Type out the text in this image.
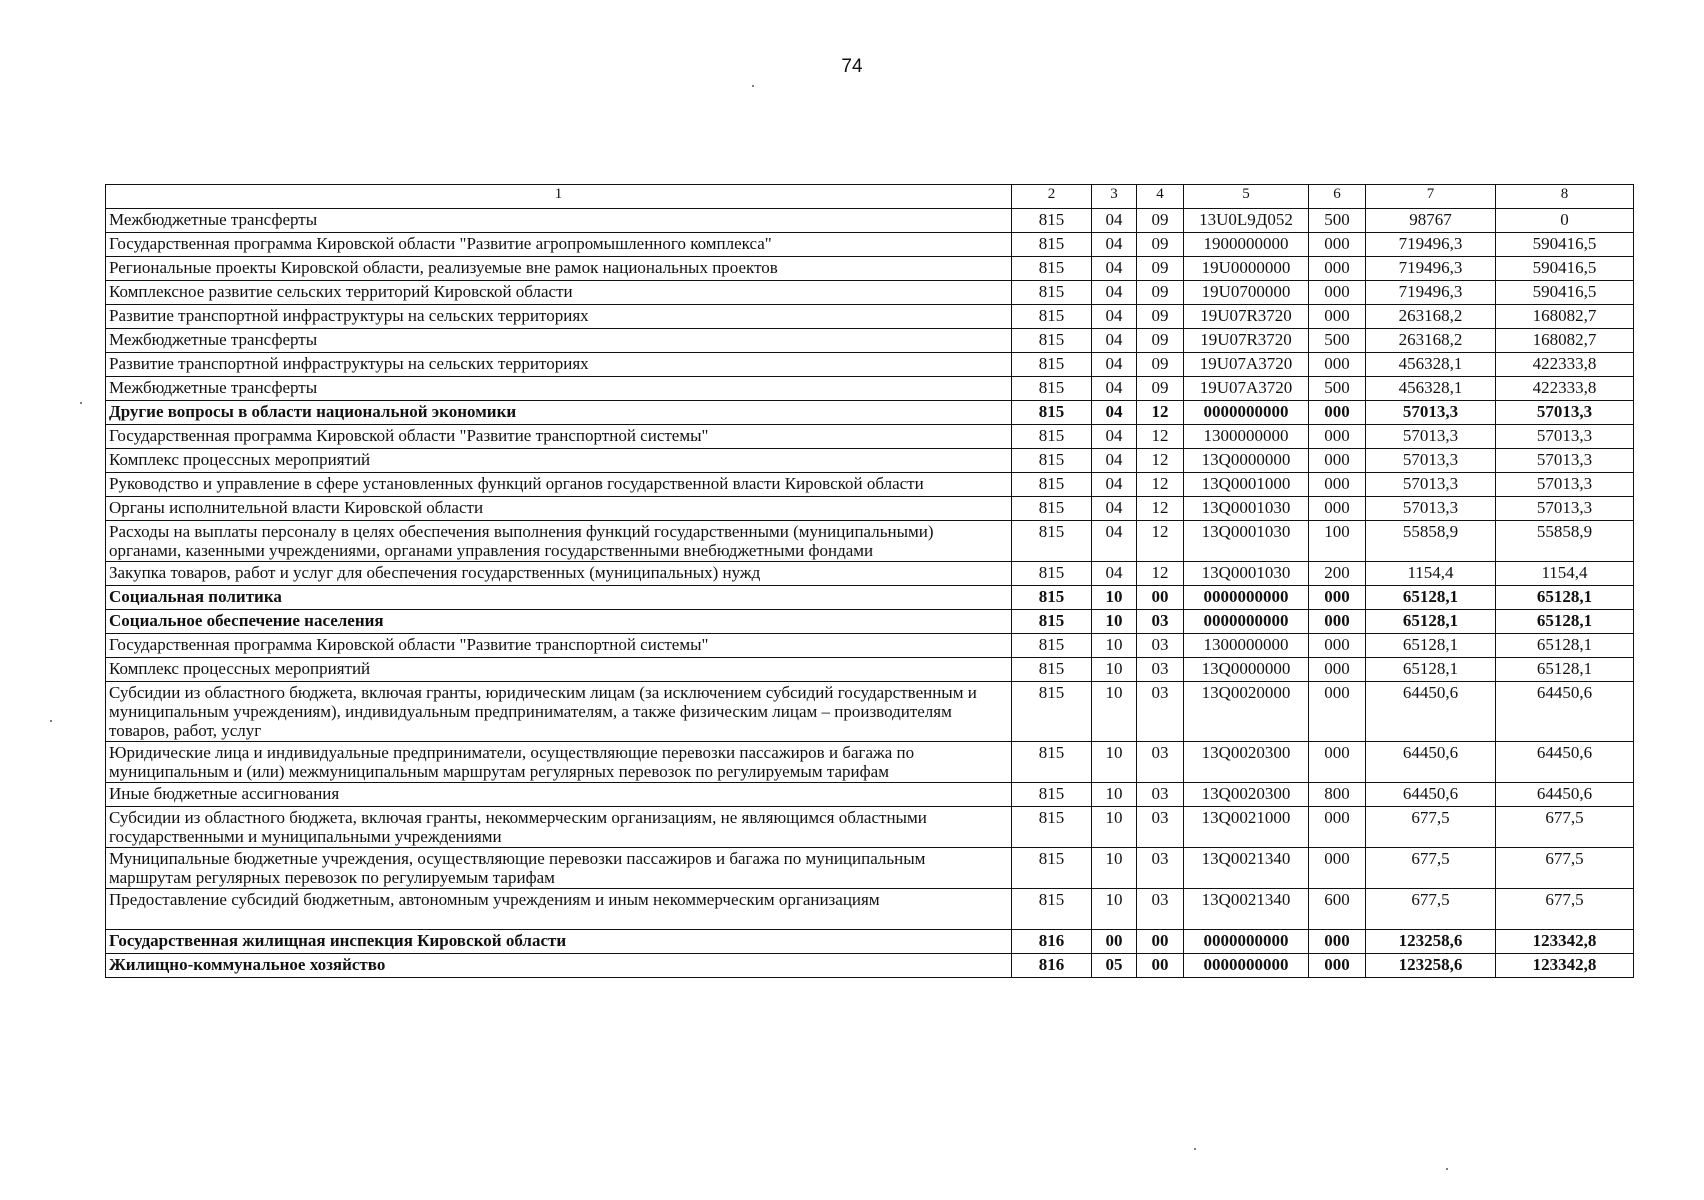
74
1	2	3	4	5	6	7	8
Межбюджетные трансферты	815	04	09	13U0L9Д052	500	98767	0
Государственная программа Кировской области "Развитие агропромышленного комплекса"	815	04	09	1900000000	000	719496,3	590416,5
Региональные проекты Кировской области, реализуемые вне рамок национальных проектов	815	04	09	19U0000000	000	719496,3	590416,5
Комплексное развитие сельских территорий Кировской области	815	04	09	19U0700000	000	719496,3	590416,5
Развитие транспортной инфраструктуры на сельских территориях	815	04	09	19U07R3720	000	263168,2	168082,7
Межбюджетные трансферты	815	04	09	19U07R3720	500	263168,2	168082,7
Развитие транспортной инфраструктуры на сельских территориях	815	04	09	19U07A3720	000	456328,1	422333,8
Межбюджетные трансферты	815	04	09	19U07A3720	500	456328,1	422333,8
Другие вопросы в области национальной экономики	815	04	12	0000000000	000	57013,3	57013,3
Государственная программа Кировской области "Развитие транспортной системы"	815	04	12	1300000000	000	57013,3	57013,3
Комплекс процессных мероприятий	815	04	12	13Q0000000	000	57013,3	57013,3
Руководство и управление в сфере установленных функций органов государственной власти Кировской области	815	04	12	13Q0001000	000	57013,3	57013,3
Органы исполнительной власти Кировской области	815	04	12	13Q0001030	000	57013,3	57013,3
Расходы на выплаты персоналу в целях обеспечения выполнения функций государственными (муниципальными) органами, казенными учреждениями, органами управления государственными внебюджетными фондами	815	04	12	13Q0001030	100	55858,9	55858,9
Закупка товаров, работ и услуг для обеспечения государственных (муниципальных) нужд	815	04	12	13Q0001030	200	1154,4	1154,4
Социальная политика	815	10	00	0000000000	000	65128,1	65128,1
Социальное обеспечение населения	815	10	03	0000000000	000	65128,1	65128,1
Государственная программа Кировской области "Развитие транспортной системы"	815	10	03	1300000000	000	65128,1	65128,1
Комплекс процессных мероприятий	815	10	03	13Q0000000	000	65128,1	65128,1
Субсидии из областного бюджета, включая гранты, юридическим лицам (за исключением субсидий государственным и муниципальным учреждениям), индивидуальным предпринимателям, а также физическим лицам – производителям товаров, работ, услуг	815	10	03	13Q0020000	000	64450,6	64450,6
Юридические лица и индивидуальные предприниматели, осуществляющие перевозки пассажиров и багажа по муниципальным и (или) межмуниципальным маршрутам регулярных перевозок по регулируемым тарифам	815	10	03	13Q0020300	000	64450,6	64450,6
Иные бюджетные ассигнования	815	10	03	13Q0020300	800	64450,6	64450,6
Субсидии из областного бюджета, включая гранты, некоммерческим организациям, не являющимся областными государственными и муниципальными учреждениями	815	10	03	13Q0021000	000	677,5	677,5
Муниципальные бюджетные учреждения, осуществляющие перевозки пассажиров и багажа по муниципальным маршрутам регулярных перевозок по регулируемым тарифам	815	10	03	13Q0021340	000	677,5	677,5
Предоставление субсидий бюджетным, автономным учреждениям и иным некоммерческим организациям	815	10	03	13Q0021340	600	677,5	677,5
Государственная жилищная инспекция Кировской области	816	00	00	0000000000	000	123258,6	123342,8
Жилищно-коммунальное хозяйство	816	05	00	0000000000	000	123258,6	123342,8
